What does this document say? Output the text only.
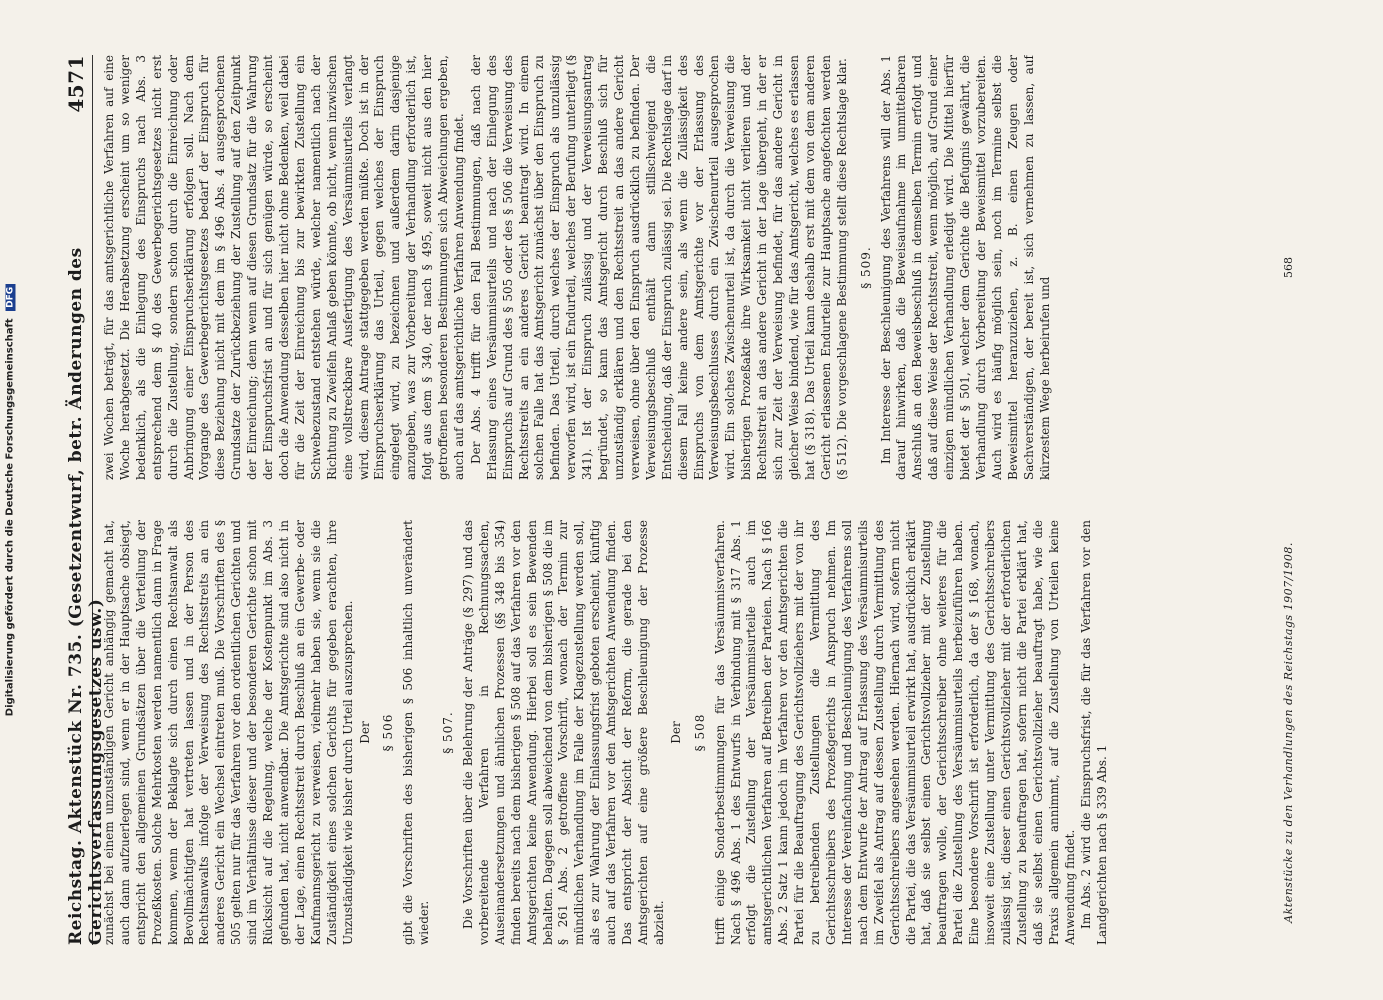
Digitalisierung gefördert durch die Deutsche Forschungsgemeinschaft DFG	Reichstag. Aktenstück Nr. 735. (Gesetzentwurf, betr. Änderungen des Gerichtsverfassungsgesetzes usw.)
4571

zunächst bei einem unzuständigen Gericht anhängig gemacht hat, auch dann aufzuerlegen sind, wenn er in der Hauptsache obsiegt, entspricht den allgemeinen Grundsätzen über die Verteilung der Prozeßkosten. Solche Mehrkosten werden namentlich dann in Frage kommen, wenn der Beklagte sich durch einen Rechtsanwalt als Bevollmächtigten hat vertreten lassen und in der Person des Rechtsanwalts infolge der Verweisung des Rechtsstreits an ein anderes Gericht ein Wechsel eintreten muß. Die Vorschriften des § 505 gelten nur für das Verfahren vor den ordentlichen Gerichten und sind im Verhältnisse dieser und der besonderen Gerichte schon mit Rücksicht auf die Regelung, welche der Kostenpunkt im Abs. 3 gefunden hat, nicht anwendbar. Die Amtsgerichte sind also nicht in der Lage, einen Rechtsstreit durch Beschluß an ein Gewerbe- oder Kaufmannsgericht zu verweisen, vielmehr haben sie, wenn sie die Zuständigkeit eines solchen Gerichts für gegeben erachten, ihre Unzuständigkeit wie bisher durch Urteil auszusprechen. Der § 506 gibt die Vorschriften des bisherigen § 506 inhaltlich unverändert wieder.

§ 507. Die Vorschriften über die Belehrung der Anträge (§ 297) und das vorbereitende Verfahren in Rechnungssachen, Auseinandersetzungen und ähnlichen Prozessen (§§ 348 bis 354) finden bereits nach dem bisherigen § 508 auf das Verfahren vor den Amtsgerichten keine Anwendung. Hierbei soll es sein Bewenden behalten. Dagegen soll abweichend von dem bisherigen § 508 die im § 261 Abs. 2 getroffene Vorschrift, wonach der Termin zur mündlichen Verhandlung im Falle der Klagezustellung werden soll, als es zur Wahrung der Einlassungsfrist geboten erscheint, künftig auch auf das Verfahren vor den Amtsgerichten Anwendung finden. Das entspricht der Absicht der Reform, die gerade bei den Amtsgerichten auf eine größere Beschleunigung der Prozesse abzielt.

Der § 508 trifft einige Sonderbestimmungen für das Versäumnisverfahren. Nach § 496 Abs. 1 des Entwurfs in Verbindung mit § 317 Abs. 1 erfolgt die Zustellung der Versäumnisurteile auch im amtsgerichtlichen Verfahren auf Betreiben der Parteien. Nach § 166 Abs. 2 Satz 1 kann jedoch im Verfahren vor den Amtsgerichten die Partei für die Beauftragung des Gerichtsvollziehers mit der von ihr zu betreibenden Zustellungen die Vermittlung des Gerichtsschreibers des Prozeßgerichts in Anspruch nehmen. Im Interesse der Vereinfachung und Beschleunigung des Verfahrens soll nach dem Entwurfe der Antrag auf Erlassung des Versäumnisurteils im Zweifel als Antrag auf dessen Zustellung durch Vermittlung des Gerichtsschreibers angesehen werden. Hiernach wird, sofern nicht die Partei, die das Versäumnisurteil erwirkt hat, ausdrücklich erklärt hat, daß sie selbst einen Gerichtsvollzieher mit der Zustellung beauftragen wolle, der Gerichtsschreiber ohne weiteres für die Partei die Zustellung des Versäumnisurteils herbeizuführen haben. Eine besondere Vorschrift ist erforderlich, da der § 168, wonach, insoweit eine Zustellung unter Vermittlung des Gerichtsschreibers zulässig ist, dieser einen Gerichtsvollzieher mit der erforderlichen Zustellung zu beauftragen hat, sofern nicht die Partei erklärt hat, daß sie selbst einen Gerichtsvollzieher beauftragt habe, wie die Praxis allgemein annimmt, auf die Zustellung von Urteilen keine Anwendung findet. Im Abs. 2 wird die Einspruchsfrist, die für das Verfahren vor den Landgerichten nach § 339 Abs. 1

zwei Wochen beträgt, für das amtsgerichtliche Verfahren auf eine Woche herabgesetzt. Die Herabsetzung erscheint um so weniger bedenklich, als die Einlegung des Einspruchs nach Abs. 3 entsprechend dem § 40 des Gewerbegerichtsgesetzes nicht erst durch die Zustellung, sondern schon durch die Einreichung oder Anbringung einer Einspruchserklärung erfolgen soll. Nach dem Vorgange des Gewerbegerichtsgesetzes bedarf der Einspruch für diese Beziehung nicht mit dem im § 496 Abs. 4 ausgesprochenen Grundsatze der Zurückbeziehung der Zustellung auf den Zeitpunkt der Einreichung; denn wenn auf diesen Grundsatz für die Wahrung der Einspruchsfrist an und für sich genügen würde, so erscheint doch die Anwendung desselben hier nicht ohne Bedenken, weil dabei für die Zeit der Einreichung bis zur bewirkten Zustellung ein Schwebezustand entstehen würde, welcher namentlich nach der Richtung zu Zweifeln Anlaß geben könnte, ob nicht, wenn inzwischen eine vollstreckbare Ausfertigung des Versäumnisurteils verlangt wird, diesem Antrage stattgegeben werden müßte. Doch ist in der Einspruchserklärung das Urteil, gegen welches der Einspruch eingelegt wird, zu bezeichnen und außerdem darin dasjenige anzugeben, was zur Vorbereitung der Verhandlung erforderlich ist, folgt aus dem § 340, der nach § 495, soweit nicht aus den hier getroffenen besonderen Bestimmungen sich Abweichungen ergeben, auch auf das amtsgerichtliche Verfahren Anwendung findet. Der Abs. 4 trifft für den Fall Bestimmungen, daß nach der Erlassung eines Versäumnisurteils und nach der Einlegung des Einspruchs auf Grund des § 505 oder des § 506 die Verweisung des Rechtsstreits an ein anderes Gericht beantragt wird. In einem solchen Falle hat das Amtsgericht zunächst über den Einspruch zu befinden. Das Urteil, durch welches der Einspruch als unzulässig verworfen wird, ist ein Endurteil, welches der Berufung unterliegt (§ 341). Ist der Einspruch zulässig und der Verweisungsantrag begründet, so kann das Amtsgericht durch Beschluß sich für unzuständig erklären und den Rechtsstreit an das andere Gericht verweisen, ohne über den Einspruch ausdrücklich zu befinden. Der Verweisungsbeschluß enthält dann stillschweigend die Entscheidung, daß der Einspruch zulässig sei. Die Rechtslage darf in diesem Fall keine andere sein, als wenn die Zulässigkeit des Einspruchs von dem Amtsgerichte vor der Erlassung des Verweisungsbeschlusses durch ein Zwischenurteil ausgesprochen wird. Ein solches Zwischenurteil ist, da durch die Verweisung die bisherigen Prozeßakte ihre Wirksamkeit nicht verlieren und der Rechtsstreit an das andere Gericht in der Lage übergeht, in der er sich zur Zeit der Verweisung befindet, für das andere Gericht in gleicher Weise bindend, wie für das Amtsgericht, welches es erlassen hat (§ 318). Das Urteil kann deshalb erst mit dem von dem anderen Gericht erlassenen Endurteile zur Hauptsache angefochten werden (§ 512). Die vorgeschlagene Bestimmung stellt diese Rechtslage klar. § 509. Im Interesse der Beschleunigung des Verfahrens will der Abs. 1 darauf hinwirken, daß die Beweisaufnahme im unmittelbaren Anschluß an den Beweisbeschluß in demselben Termin erfolgt und daß auf diese Weise der Rechtsstreit, wenn möglich, auf Grund einer einzigen mündlichen Verhandlung erledigt wird. Die Mittel hierfür bietet der § 501, welcher dem Gerichte die Befugnis gewährt, die Verhandlung durch Vorbereitung der Beweismittel vorzubereiten. Auch wird es häufig möglich sein, noch im Termine selbst die Beweismittel heranzuziehen, z. B. einen Zeugen oder Sachverständigen, der bereit ist, sich vernehmen zu lassen, auf kürzestem Wege herbeirufen und

Aktenstücke zu den Verhandlungen des Reichstags 1907/1908.
568
